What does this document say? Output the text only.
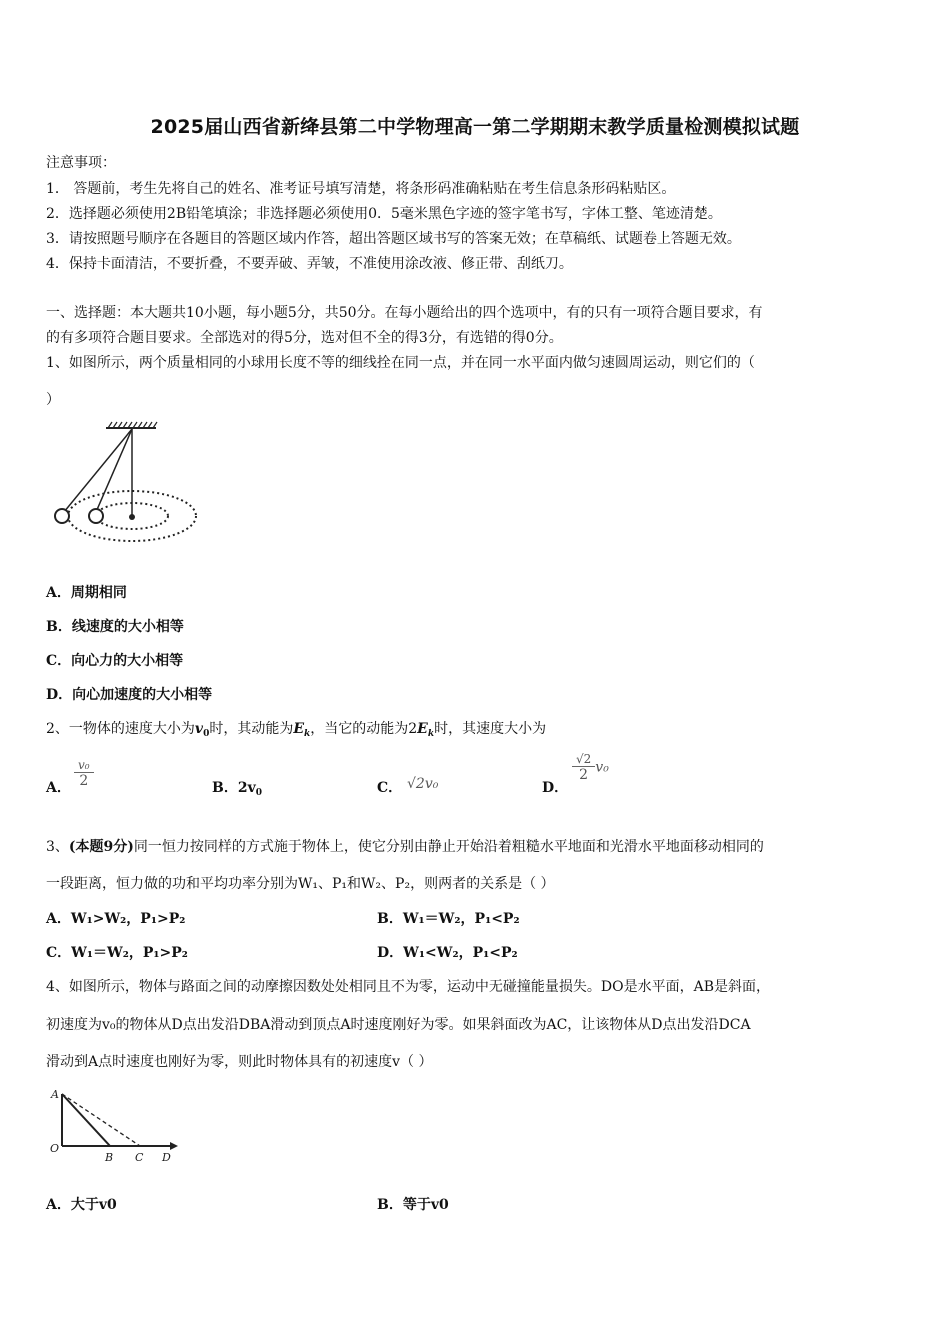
2025届山西省新绛县第二中学物理高一第二学期期末教学质量检测模拟试题
注意事项：
1． 答题前，考生先将自己的姓名、准考证号填写清楚，将条形码准确粘贴在考生信息条形码粘贴区。
2．选择题必须使用2B铅笔填涂；非选择题必须使用0．5毫米黑色字迹的签字笔书写，字体工整、笔迹清楚。
3．请按照题号顺序在各题目的答题区域内作答，超出答题区域书写的答案无效；在草稿纸、试题卷上答题无效。
4．保持卡面清洁，不要折叠，不要弄破、弄皱，不准使用涂改液、修正带、刮纸刀。
一、选择题：本大题共10小题，每小题5分，共50分。在每小题给出的四个选项中，有的只有一项符合题目要求，有
的有多项符合题目要求。全部选对的得5分，选对但不全的得3分，有选错的得0分。
1、如图所示，两个质量相同的小球用长度不等的细线拴在同一点，并在同一水平面内做匀速圆周运动，则它们的（
）
A．周期相同
B．线速度的大小相等
C．向心力的大小相等
D．向心加速度的大小相等
2、一物体的速度大小为$v_0$时，其动能为$E_k$，当它的动能为$2E_k$时，其速度大小为
A． $\frac{\text{v₀}}{2}$	B．$2v_0$	C． √2v₀	D．
$\frac{√2}{2} v_0$
3、(本题9分)同一恒力按同样的方式施于物体上，使它分别由静止开始沿着粗糙水平地面和光滑水平地面移动相同的
一段距离，恒力做的功和平均功率分别为W₁、P₁和W₂、P₂，则两者的关系是（ ）
A．W₁>W₂，P₁>P₂	B．W₁＝W₂，P₁<P₂
C．W₁＝W₂，P₁>P₂	D．W₁<W₂，P₁<P₂
4、如图所示，物体与路面之间的动摩擦因数处处相同且不为零，运动中无碰撞能量损失。DO是水平面，AB是斜面，
初速度为v₀的物体从D点出发沿DBA滑动到顶点A时速度刚好为零。如果斜面改为AC，让该物体从D点出发沿DCA
滑动到A点时速度也刚好为零，则此时物体具有的初速度v（ ）
A
O
B C D
A．大于v0	B．等于v0
